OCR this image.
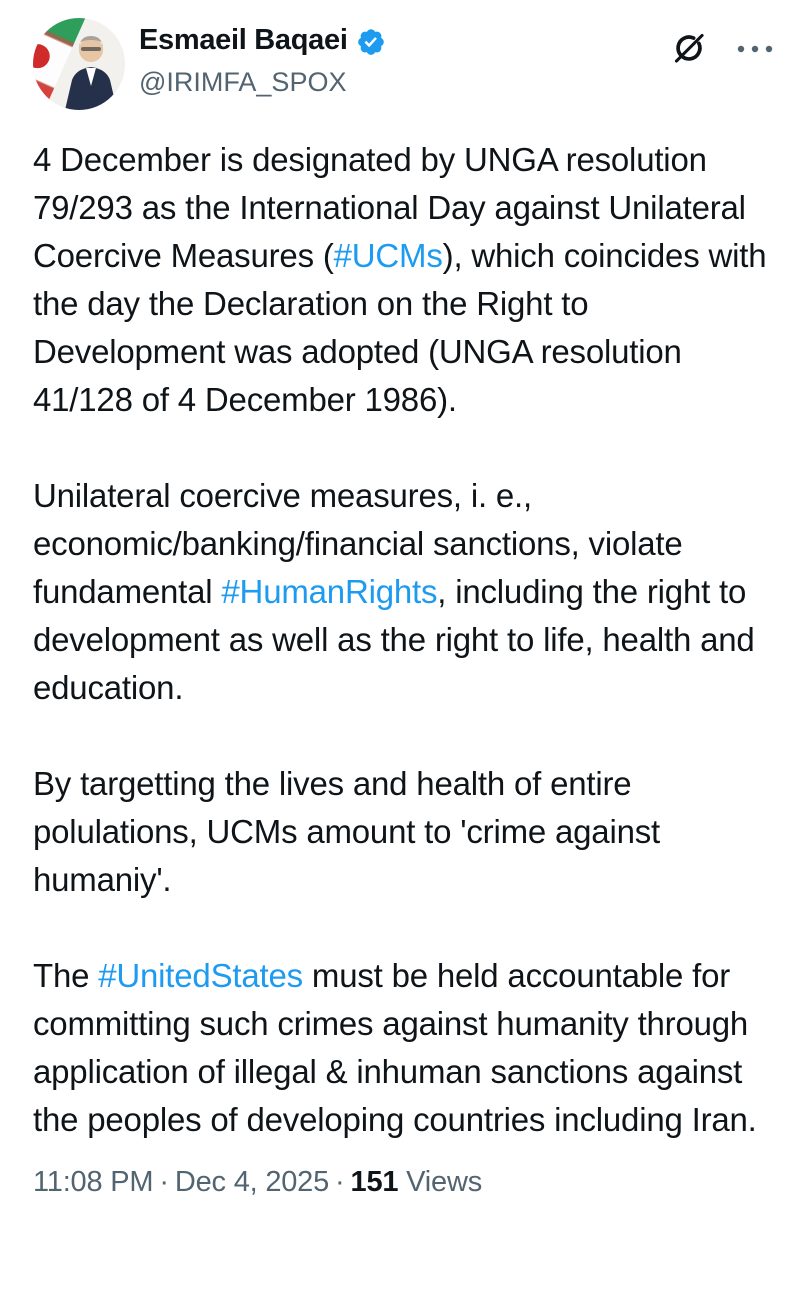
Esmaeil Baqaei
@IRIMFA_SPOX

4 December is designated by UNGA resolution 79/293 as the International Day against Unilateral Coercive Measures (#UCMs), which coincides with the day the Declaration on the Right to Development was adopted (UNGA resolution 41/128 of 4 December 1986).

Unilateral coercive measures, i. e., economic/banking/financial sanctions, violate fundamental #HumanRights, including the right to development as well as the right to life, health and education.

By targetting the lives and health of entire polulations, UCMs amount to 'crime against humaniy'.

The #UnitedStates must be held accountable for committing such crimes against humanity through application of illegal & inhuman sanctions against the peoples of developing countries including Iran.

11:08 PM · Dec 4, 2025 · 151 Views
